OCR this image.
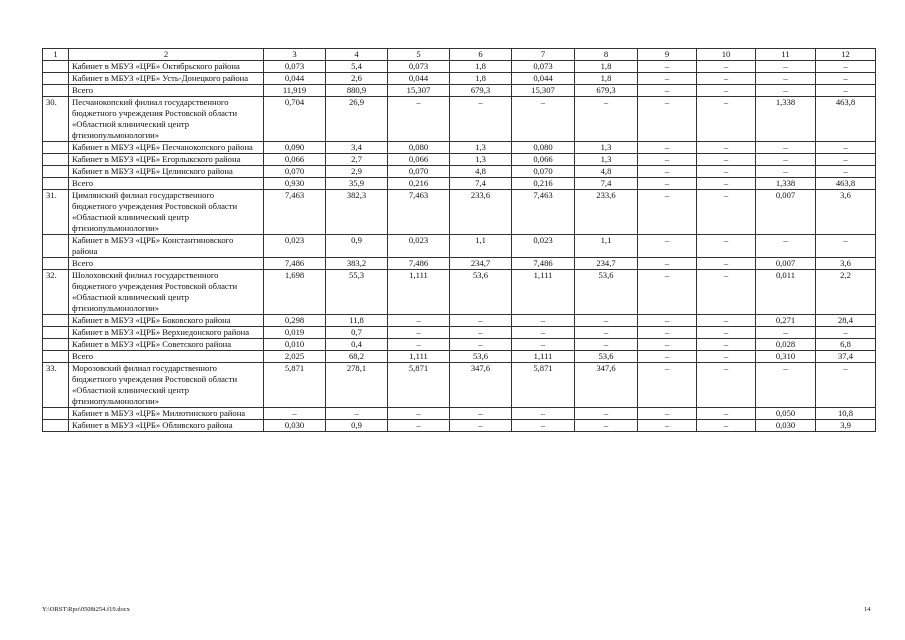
1	2	3	4	5	6	7	8	9	10	11	12
	Кабинет в МБУЗ «ЦРБ» Октябрьского района	0,073	5,4	0,073	1,8	0,073	1,8	–	–	–	–
	Кабинет в МБУЗ «ЦРБ» Усть-Донецкого района	0,044	2,6	0,044	1,8	0,044	1,8	–	–	–	–
	Всего	11,919	880,9	15,307	679,3	15,307	679,3	–	–	–	–
30.	Песчанокопский филиал государственного бюджетного учреждения Ростовской области «Областной клинический центр фтизиопульмонологии»	0,704	26,9	–	–	–	–	–	–	1,338	463,8
	Кабинет в МБУЗ «ЦРБ» Песчанокопского района	0,090	3,4	0,080	1,3	0,080	1,3	–	–	–	–
	Кабинет в МБУЗ «ЦРБ» Егорлыкского района	0,066	2,7	0,066	1,3	0,066	1,3	–	–	–	–
	Кабинет в МБУЗ «ЦРБ» Целинского района	0,070	2,9	0,070	4,8	0,070	4,8	–	–	–	–
	Всего	0,930	35,9	0,216	7,4	0,216	7,4	–	–	1,338	463,8
31.	Цимлянский филиал государственного бюджетного учреждения Ростовской области «Областной клинический центр фтизиопульмонологии»	7,463	382,3	7,463	233,6	7,463	233,6	–	–	0,007	3,6
	Кабинет в МБУЗ «ЦРБ» Константиновского района	0,023	0,9	0,023	1,1	0,023	1,1	–	–	–	–
	Всего	7,486	383,2	7,486	234,7	7,486	234,7	–	–	0,007	3,6
32.	Шолоховский филиал государственного бюджетного учреждения Ростовской области «Областной клинический центр фтизиопульмонологии»	1,698	55,3	1,111	53,6	1,111	53,6	–	–	0,011	2,2
	Кабинет в МБУЗ «ЦРБ» Боковского района	0,298	11,8	–	–	–	–	–	–	0,271	28,4
	Кабинет в МБУЗ «ЦРБ» Верхнедонского района	0,019	0,7	–	–	–	–	–	–	–	–
	Кабинет в МБУЗ «ЦРБ» Советского района	0,010	0,4	–	–	–	–	–	–	0,028	6,8
	Всего	2,025	68,2	1,111	53,6	1,111	53,6	–	–	0,310	37,4
33.	Морозовский филиал государственного бюджетного учреждения Ростовской области «Областной клинический центр фтизиопульмонологии»	5,871	278,1	5,871	347,6	5,871	347,6	–	–	–	–
	Кабинет в МБУЗ «ЦРБ» Милютинского района	–	–	–	–	–	–	–	–	0,050	10,8
	Кабинет в МБУЗ «ЦРБ» Обливского района	0,030	0,9	–	–	–	–	–	–	0,030	3,9
Y:\ORST\Rpo\0508t254.f19.docx	14
